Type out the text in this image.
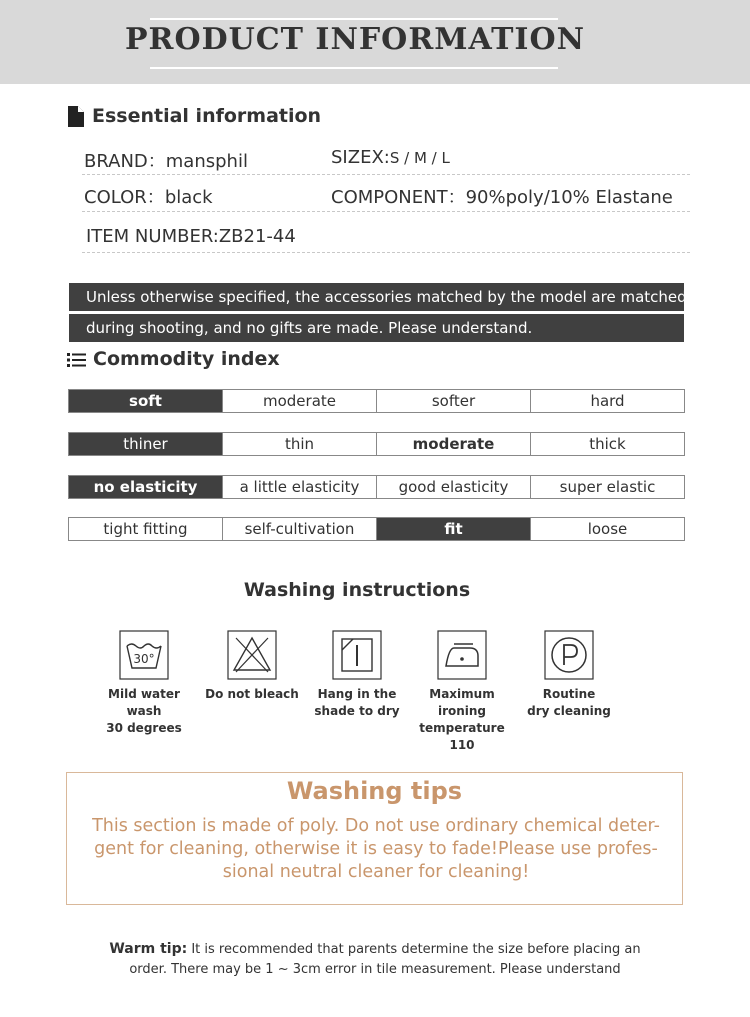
PRODUCT INFORMATION
Essential information
BRAND：mansphil	SIZEX:S / M / L
COLOR：black	COMPONENT：90%poly/10% Elastane
ITEM NUMBER:ZB21-44
Unless otherwise specified, the accessories matched by the model are matched
during shooting, and no gifts are made. Please understand.
Commodity index
soft	moderate	softer	hard
thiner	thin	moderate	thick
no elasticity	a little elasticity	good elasticity	super elastic
tight fitting	self-cultivation	fit	loose
Washing instructions
30°
Mild water wash
30 degrees
Do not bleach	Hang in the
shade to dry
Maximum ironing
temperature 110
Routine
dry cleaning
Washing tips
This section is made of poly. Do not use ordinary chemical deter-
gent for cleaning, otherwise it is easy to fade!Please use profes-
sional neutral cleaner for cleaning!
Warm tip: It is recommended that parents determine the size before placing an
order. There may be 1 ~ 3cm error in tile measurement. Please understand
